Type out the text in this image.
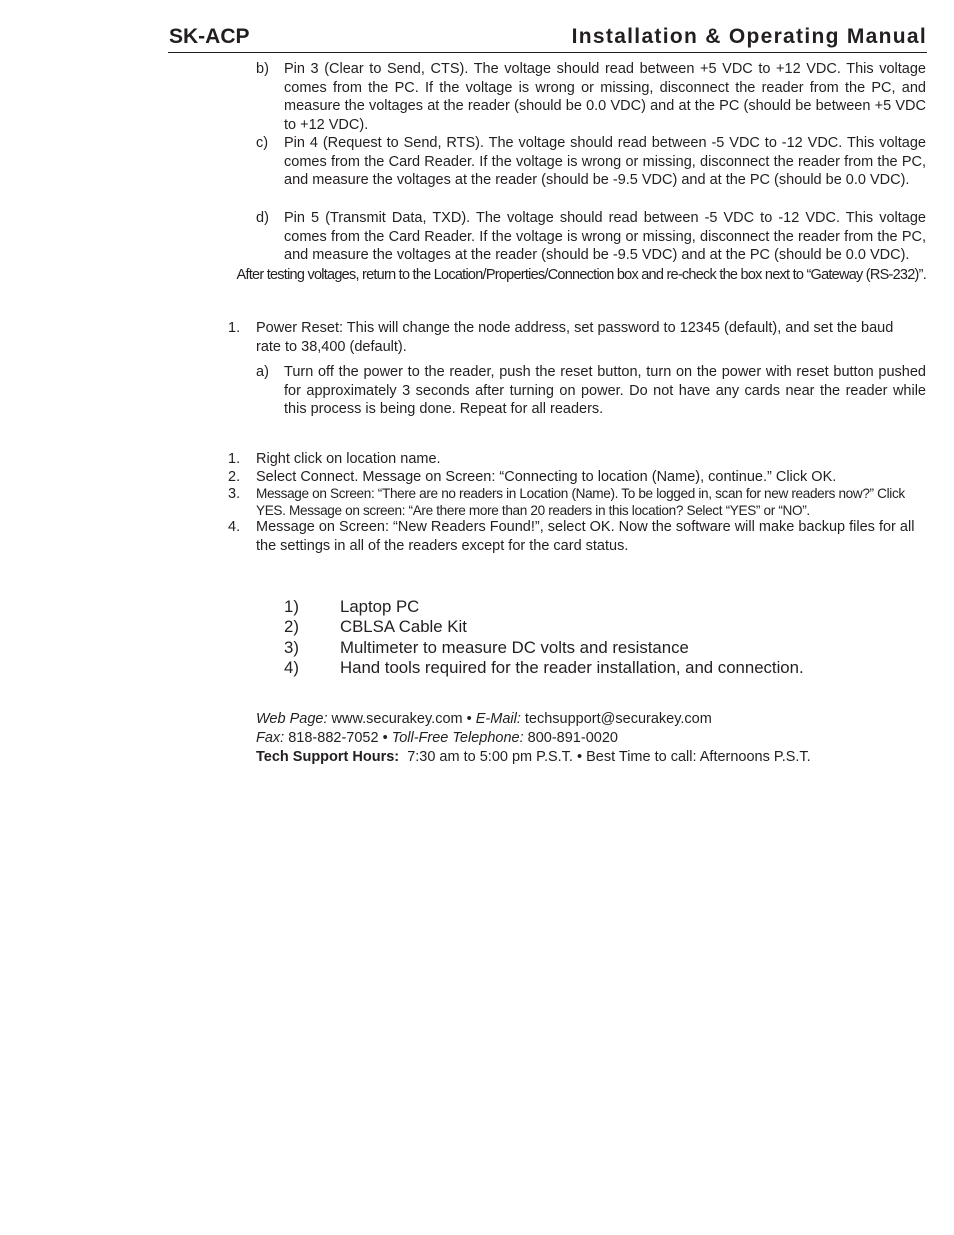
SK-ACP	Installation & Operating Manual
b) Pin 3 (Clear to Send, CTS). The voltage should read between +5 VDC to +12 VDC. This voltage comes from the PC. If the voltage is wrong or missing, disconnect the reader from the PC, and measure the voltages at the reader (should be 0.0 VDC) and at the PC (should be between +5 VDC to +12 VDC).
c) Pin 4 (Request to Send, RTS). The voltage should read between -5 VDC to -12 VDC. This voltage comes from the Card Reader. If the voltage is wrong or missing, disconnect the reader from the PC, and measure the voltages at the reader (should be -9.5 VDC) and at the PC (should be 0.0 VDC).
d) Pin 5 (Transmit Data, TXD). The voltage should read between -5 VDC to -12 VDC. This voltage comes from the Card Reader. If the voltage is wrong or missing, disconnect the reader from the PC, and measure the voltages at the reader (should be -9.5 VDC) and at the PC (should be 0.0 VDC).
After testing voltages, return to the Location/Properties/Connection box and re-check the box next to “Gateway (RS-232)”.
1. Power Reset: This will change the node address, set password to 12345 (default), and set the baud rate to 38,400 (default).
a) Turn off the power to the reader, push the reset button, turn on the power with reset button pushed for approximately 3 seconds after turning on power. Do not have any cards near the reader while this process is being done. Repeat for all readers.
1. Right click on location name.
2. Select Connect. Message on Screen: “Connecting to location (Name), continue.” Click OK.
3. Message on Screen: “There are no readers in Location (Name). To be logged in, scan for new readers now?” Click YES. Message on screen: “Are there more than 20 readers in this location? Select “YES” or “NO”.
4. Message on Screen: “New Readers Found!”, select OK. Now the software will make backup files for all the settings in all of the readers except for the card status.
1) Laptop PC
2) CBLSA Cable Kit
3) Multimeter to measure DC volts and resistance
4) Hand tools required for the reader installation, and connection.
Web Page: www.securakey.com • E-Mail: techsupport@securakey.com
Fax: 818-882-7052 • Toll-Free Telephone: 800-891-0020
Tech Support Hours: 7:30 am to 5:00 pm P.S.T. • Best Time to call: Afternoons P.S.T.
